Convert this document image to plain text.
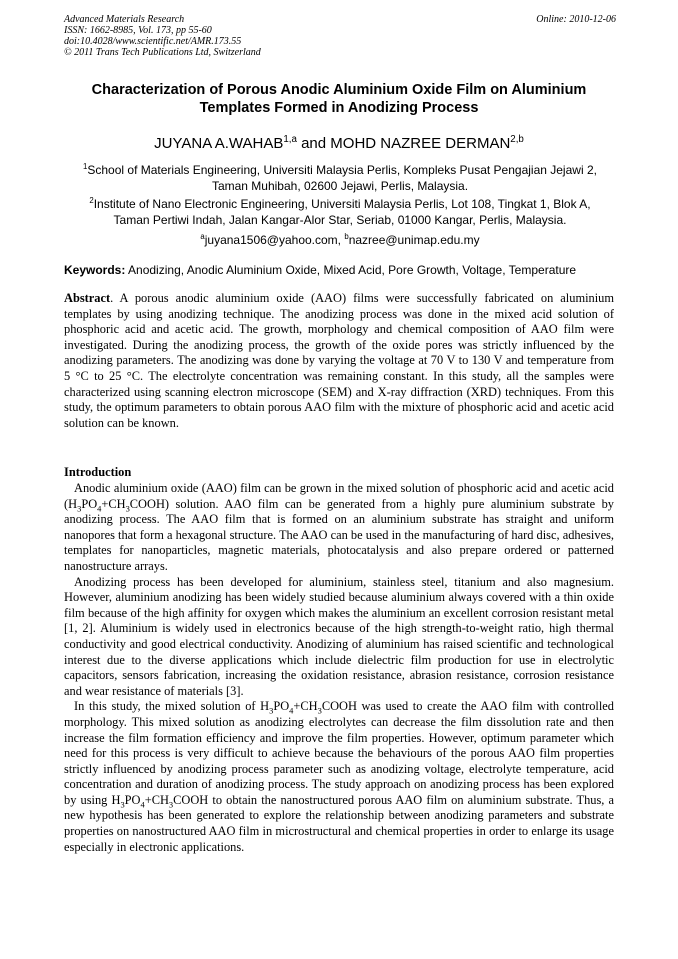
Advanced Materials Research
ISSN: 1662-8985, Vol. 173, pp 55-60
doi:10.4028/www.scientific.net/AMR.173.55
© 2011 Trans Tech Publications Ltd, Switzerland
Online: 2010-12-06
Characterization of Porous Anodic Aluminium Oxide Film on Aluminium
Templates Formed in Anodizing Process
JUYANA A.WAHAB$^{1,a}$ and MOHD NAZREE DERMAN$^{2,b}$
$^1$School of Materials Engineering, Universiti Malaysia Perlis, Kompleks Pusat Pengajian Jejawi 2,
Taman Muhibah, 02600 Jejawi, Perlis, Malaysia.
$^2$Institute of Nano Electronic Engineering, Universiti Malaysia Perlis, Lot 108, Tingkat 1, Blok A,
Taman Pertiwi Indah, Jalan Kangar-Alor Star, Seriab, 01000 Kangar, Perlis, Malaysia.
$^a$juyana1506@yahoo.com, $^b$nazree@unimap.edu.my
Keywords: Anodizing, Anodic Aluminium Oxide, Mixed Acid, Pore Growth, Voltage, Temperature

Abstract. A porous anodic aluminium oxide (AAO) films were successfully fabricated on aluminium templates by using anodizing technique. The anodizing process was done in the mixed acid solution of phosphoric acid and acetic acid. The growth, morphology and chemical composition of AAO film were investigated. During the anodizing process, the growth of the oxide pores was strictly influenced by the anodizing parameters. The anodizing was done by varying the voltage at 70 V to 130 V and temperature from 5 °C to 25 °C. The electrolyte concentration was remaining constant. In this study, all the samples were characterized using scanning electron microscope (SEM) and X-ray diffraction (XRD) techniques. From this study, the optimum parameters to obtain porous AAO film with the mixture of phosphoric acid and acetic acid solution can be known.

Introduction

Anodic aluminium oxide (AAO) film can be grown in the mixed solution of phosphoric acid and acetic acid $(H_3PO_4+CH_3COOH)$ solution. AAO film can be generated from a highly pure aluminium substrate by anodizing process. The AAO film that is formed on an aluminium substrate has straight and uniform nanopores that form a hexagonal structure. The AAO can be used in the manufacturing of hard disc, adhesives, templates for nanoparticles, magnetic materials, photocatalysis and also prepare ordered or patterned nanostructure arrays.

Anodizing process has been developed for aluminium, stainless steel, titanium and also magnesium. However, aluminium anodizing has been widely studied because aluminium always covered with a thin oxide film because of the high affinity for oxygen which makes the aluminium an excellent corrosion resistant metal [1, 2]. Aluminium is widely used in electronics because of the high strength-to-weight ratio, high thermal conductivity and good electrical conductivity. Anodizing of aluminium has raised scientific and technological interest due to the diverse applications which include dielectric film production for use in electrolytic capacitors, sensors fabrication, increasing the oxidation resistance, abrasion resistance, corrosion resistance and wear resistance of materials [3].

In this study, the mixed solution of $H_3PO_4+CH_3COOH$ was used to create the AAO film with controlled morphology. This mixed solution as anodizing electrolytes can decrease the film dissolution rate and then increase the film formation efficiency and improve the film properties. However, optimum parameter which need for this process is very difficult to achieve because the behaviours of the porous AAO film properties strictly influenced by anodizing process parameter such as anodizing voltage, electrolyte temperature, acid concentration and duration of anodizing process. The study approach on anodizing process has been explored by using $H_3PO_4+CH_3COOH$ to obtain the nanostructured porous AAO film on aluminium substrate. Thus, a new hypothesis has been generated to explore the relationship between anodizing parameters and substrate properties on nanostructured AAO film in microstructural and chemical properties in order to enlarge its usage especially in electronic applications.
